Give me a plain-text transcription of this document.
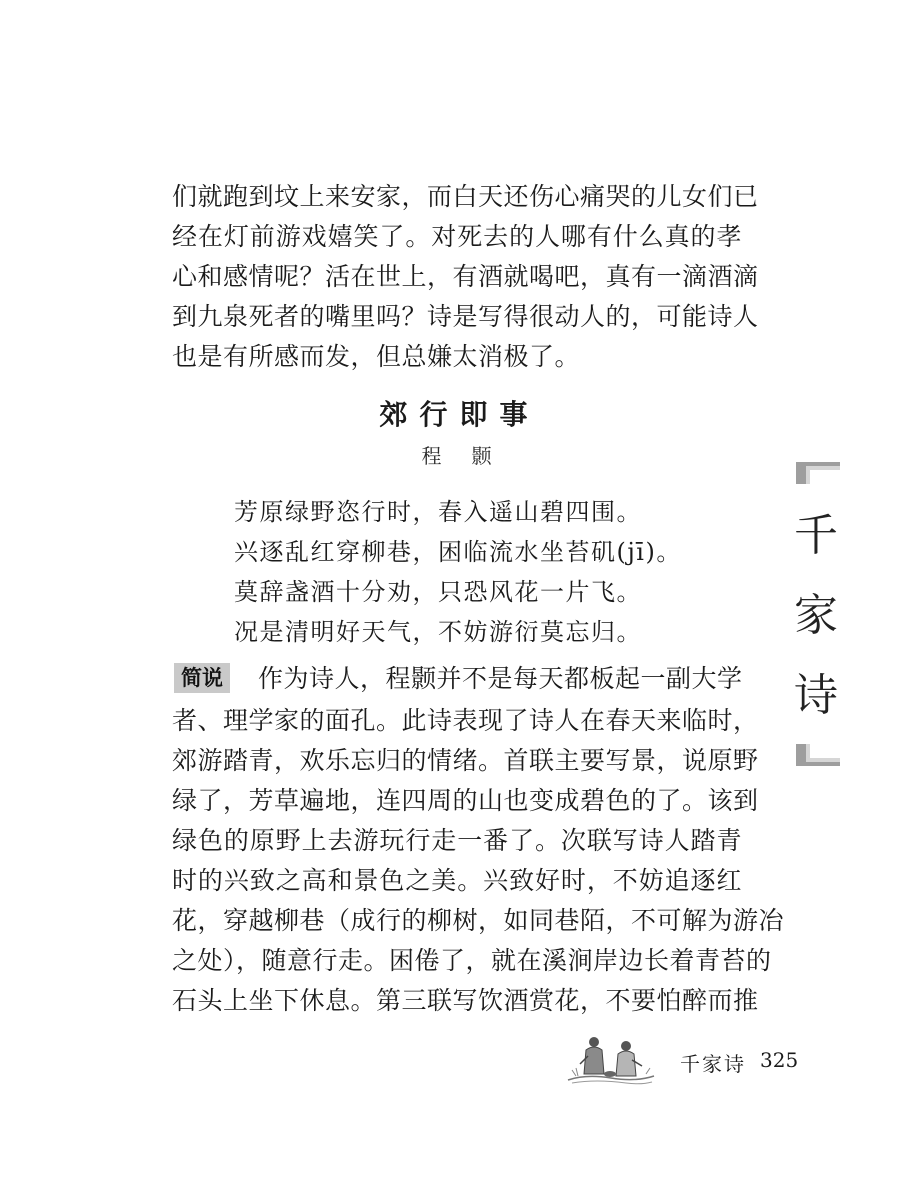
们就跑到坟上来安家，而白天还伤心痛哭的儿女们已
经在灯前游戏嬉笑了。对死去的人哪有什么真的孝
心和感情呢？活在世上，有酒就喝吧，真有一滴酒滴
到九泉死者的嘴里吗？诗是写得很动人的，可能诗人
也是有所感而发，但总嫌太消极了。
郊行即事
程颢
芳原绿野恣行时，春入遥山碧四围。
兴逐乱红穿柳巷，困临流水坐苔矶(jī)。
莫辞盏酒十分劝，只恐风花一片飞。
况是清明好天气，不妨游衍莫忘归。
简说 作为诗人，程颢并不是每天都板起一副大学
者、理学家的面孔。此诗表现了诗人在春天来临时，
郊游踏青，欢乐忘归的情绪。首联主要写景，说原野
绿了，芳草遍地，连四周的山也变成碧色的了。该到
绿色的原野上去游玩行走一番了。次联写诗人踏青
时的兴致之高和景色之美。兴致好时，不妨追逐红
花，穿越柳巷（成行的柳树，如同巷陌，不可解为游冶
之处），随意行走。困倦了，就在溪涧岸边长着青苔的
石头上坐下休息。第三联写饮酒赏花，不要怕醉而推
千
家
诗
千家诗 325
